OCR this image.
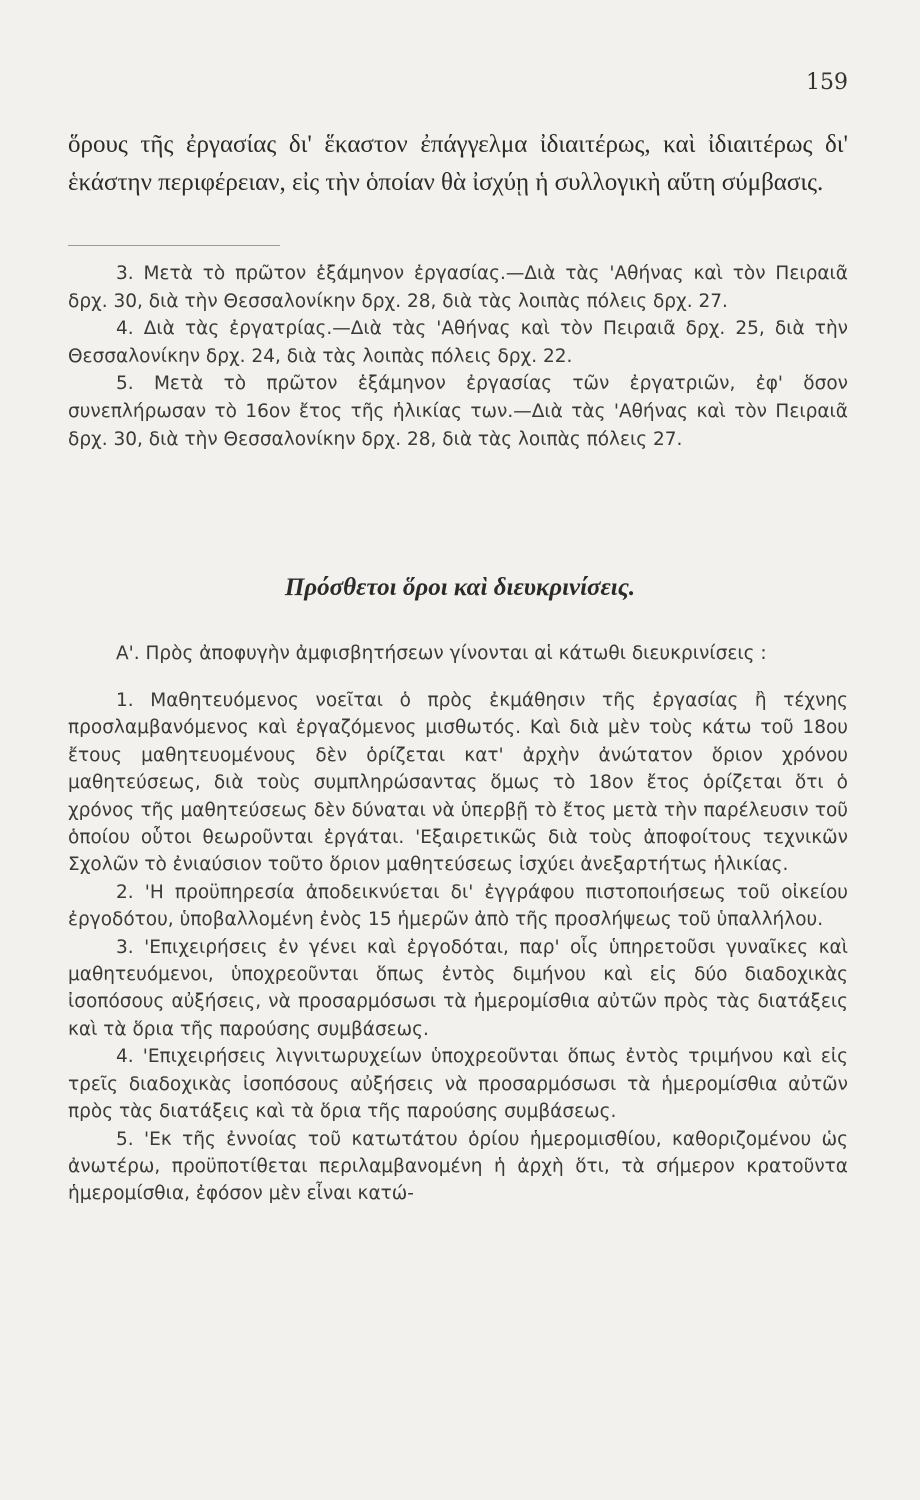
159
ὅρους τῆς ἐργασίας δι' ἕκαστον ἐπάγγελμα ἰδιαιτέρως, καὶ ἰδιαιτέρως δι' ἑκάστην περιφέρειαν, εἰς τὴν ὁποίαν θὰ ἰσχύῃ ἡ συλλογικὴ αὕτη σύμβασις.

3. Μετὰ τὸ πρῶτον ἑξάμηνον ἐργασίας.—Διὰ τὰς 'Αθήνας καὶ τὸν Πειραιᾶ δρχ. 30, διὰ τὴν Θεσσαλονίκην δρχ. 28, διὰ τὰς λοιπὰς πόλεις δρχ. 27.

4. Διὰ τὰς ἐργατρίας.—Διὰ τὰς 'Αθήνας καὶ τὸν Πειραιᾶ δρχ. 25, διὰ τὴν Θεσσαλονίκην δρχ. 24, διὰ τὰς λοιπὰς πόλεις δρχ. 22.

5. Μετὰ τὸ πρῶτον ἑξάμηνον ἐργασίας τῶν ἐργατριῶν, ἐφ' ὅσον συνεπλήρωσαν τὸ 16ον ἔτος τῆς ἡλικίας των.—Διὰ τὰς 'Αθήνας καὶ τὸν Πειραιᾶ δρχ. 30, διὰ τὴν Θεσσαλονίκην δρχ. 28, διὰ τὰς λοιπὰς πόλεις 27.

Πρόσθετοι ὅροι καὶ διευκρινίσεις.

Α'. Πρὸς ἀποφυγὴν ἀμφισβητήσεων γίνονται αἱ κάτωθι διευκρινίσεις :

1. Μαθητευόμενος νοεῖται ὁ πρὸς ἐκμάθησιν τῆς ἐργασίας ἢ τέχνης προσλαμβανόμενος καὶ ἐργαζόμενος μισθωτός. Καὶ διὰ μὲν τοὺς κάτω τοῦ 18ου ἔτους μαθητευομένους δὲν ὁρίζεται κατ' ἀρχὴν ἀνώτατον ὅριον χρόνου μαθητεύσεως, διὰ τοὺς συμπληρώσαντας ὅμως τὸ 18ον ἔτος ὁρίζεται ὅτι ὁ χρόνος τῆς μαθητεύσεως δὲν δύναται νὰ ὑπερβῇ τὸ ἔτος μετὰ τὴν παρέλευσιν τοῦ ὁποίου οὗτοι θεωροῦνται ἐργάται. 'Εξαιρετικῶς διὰ τοὺς ἀποφοίτους τεχνικῶν Σχολῶν τὸ ἐνιαύσιον τοῦτο ὅριον μαθητεύσεως ἰσχύει ἀνεξαρτήτως ἡλικίας.

2. 'Η προϋπηρεσία ἀποδεικνύεται δι' ἐγγράφου πιστοποιήσεως τοῦ οἰκείου ἐργοδότου, ὑποβαλλομένη ἐνὸς 15 ἡμερῶν ἀπὸ τῆς προσλήψεως τοῦ ὑπαλλήλου.

3. 'Επιχειρήσεις ἐν γένει καὶ ἐργοδόται, παρ' οἷς ὑπηρετοῦσι γυναῖκες καὶ μαθητευόμενοι, ὑποχρεοῦνται ὅπως ἐντὸς διμήνου καὶ εἰς δύο διαδοχικὰς ἰσοπόσους αὐξήσεις, νὰ προσαρμόσωσι τὰ ἡμερομίσθια αὐτῶν πρὸς τὰς διατάξεις καὶ τὰ ὅρια τῆς παρούσης συμβάσεως.

4. 'Επιχειρήσεις λιγνιτωρυχείων ὑποχρεοῦνται ὅπως ἐντὸς τριμήνου καὶ εἰς τρεῖς διαδοχικὰς ἰσοπόσους αὐξήσεις νὰ προσαρμόσωσι τὰ ἡμερομίσθια αὐτῶν πρὸς τὰς διατάξεις καὶ τὰ ὅρια τῆς παρούσης συμβάσεως.

5. 'Εκ τῆς ἐννοίας τοῦ κατωτάτου ὁρίου ἡμερομισθίου, καθοριζομένου ὡς ἀνωτέρω, προϋποτίθεται περιλαμβανομένη ἡ ἀρχὴ ὅτι, τὰ σήμερον κρατοῦντα ἡμερομίσθια, ἐφόσον μὲν εἶναι κατώ-
